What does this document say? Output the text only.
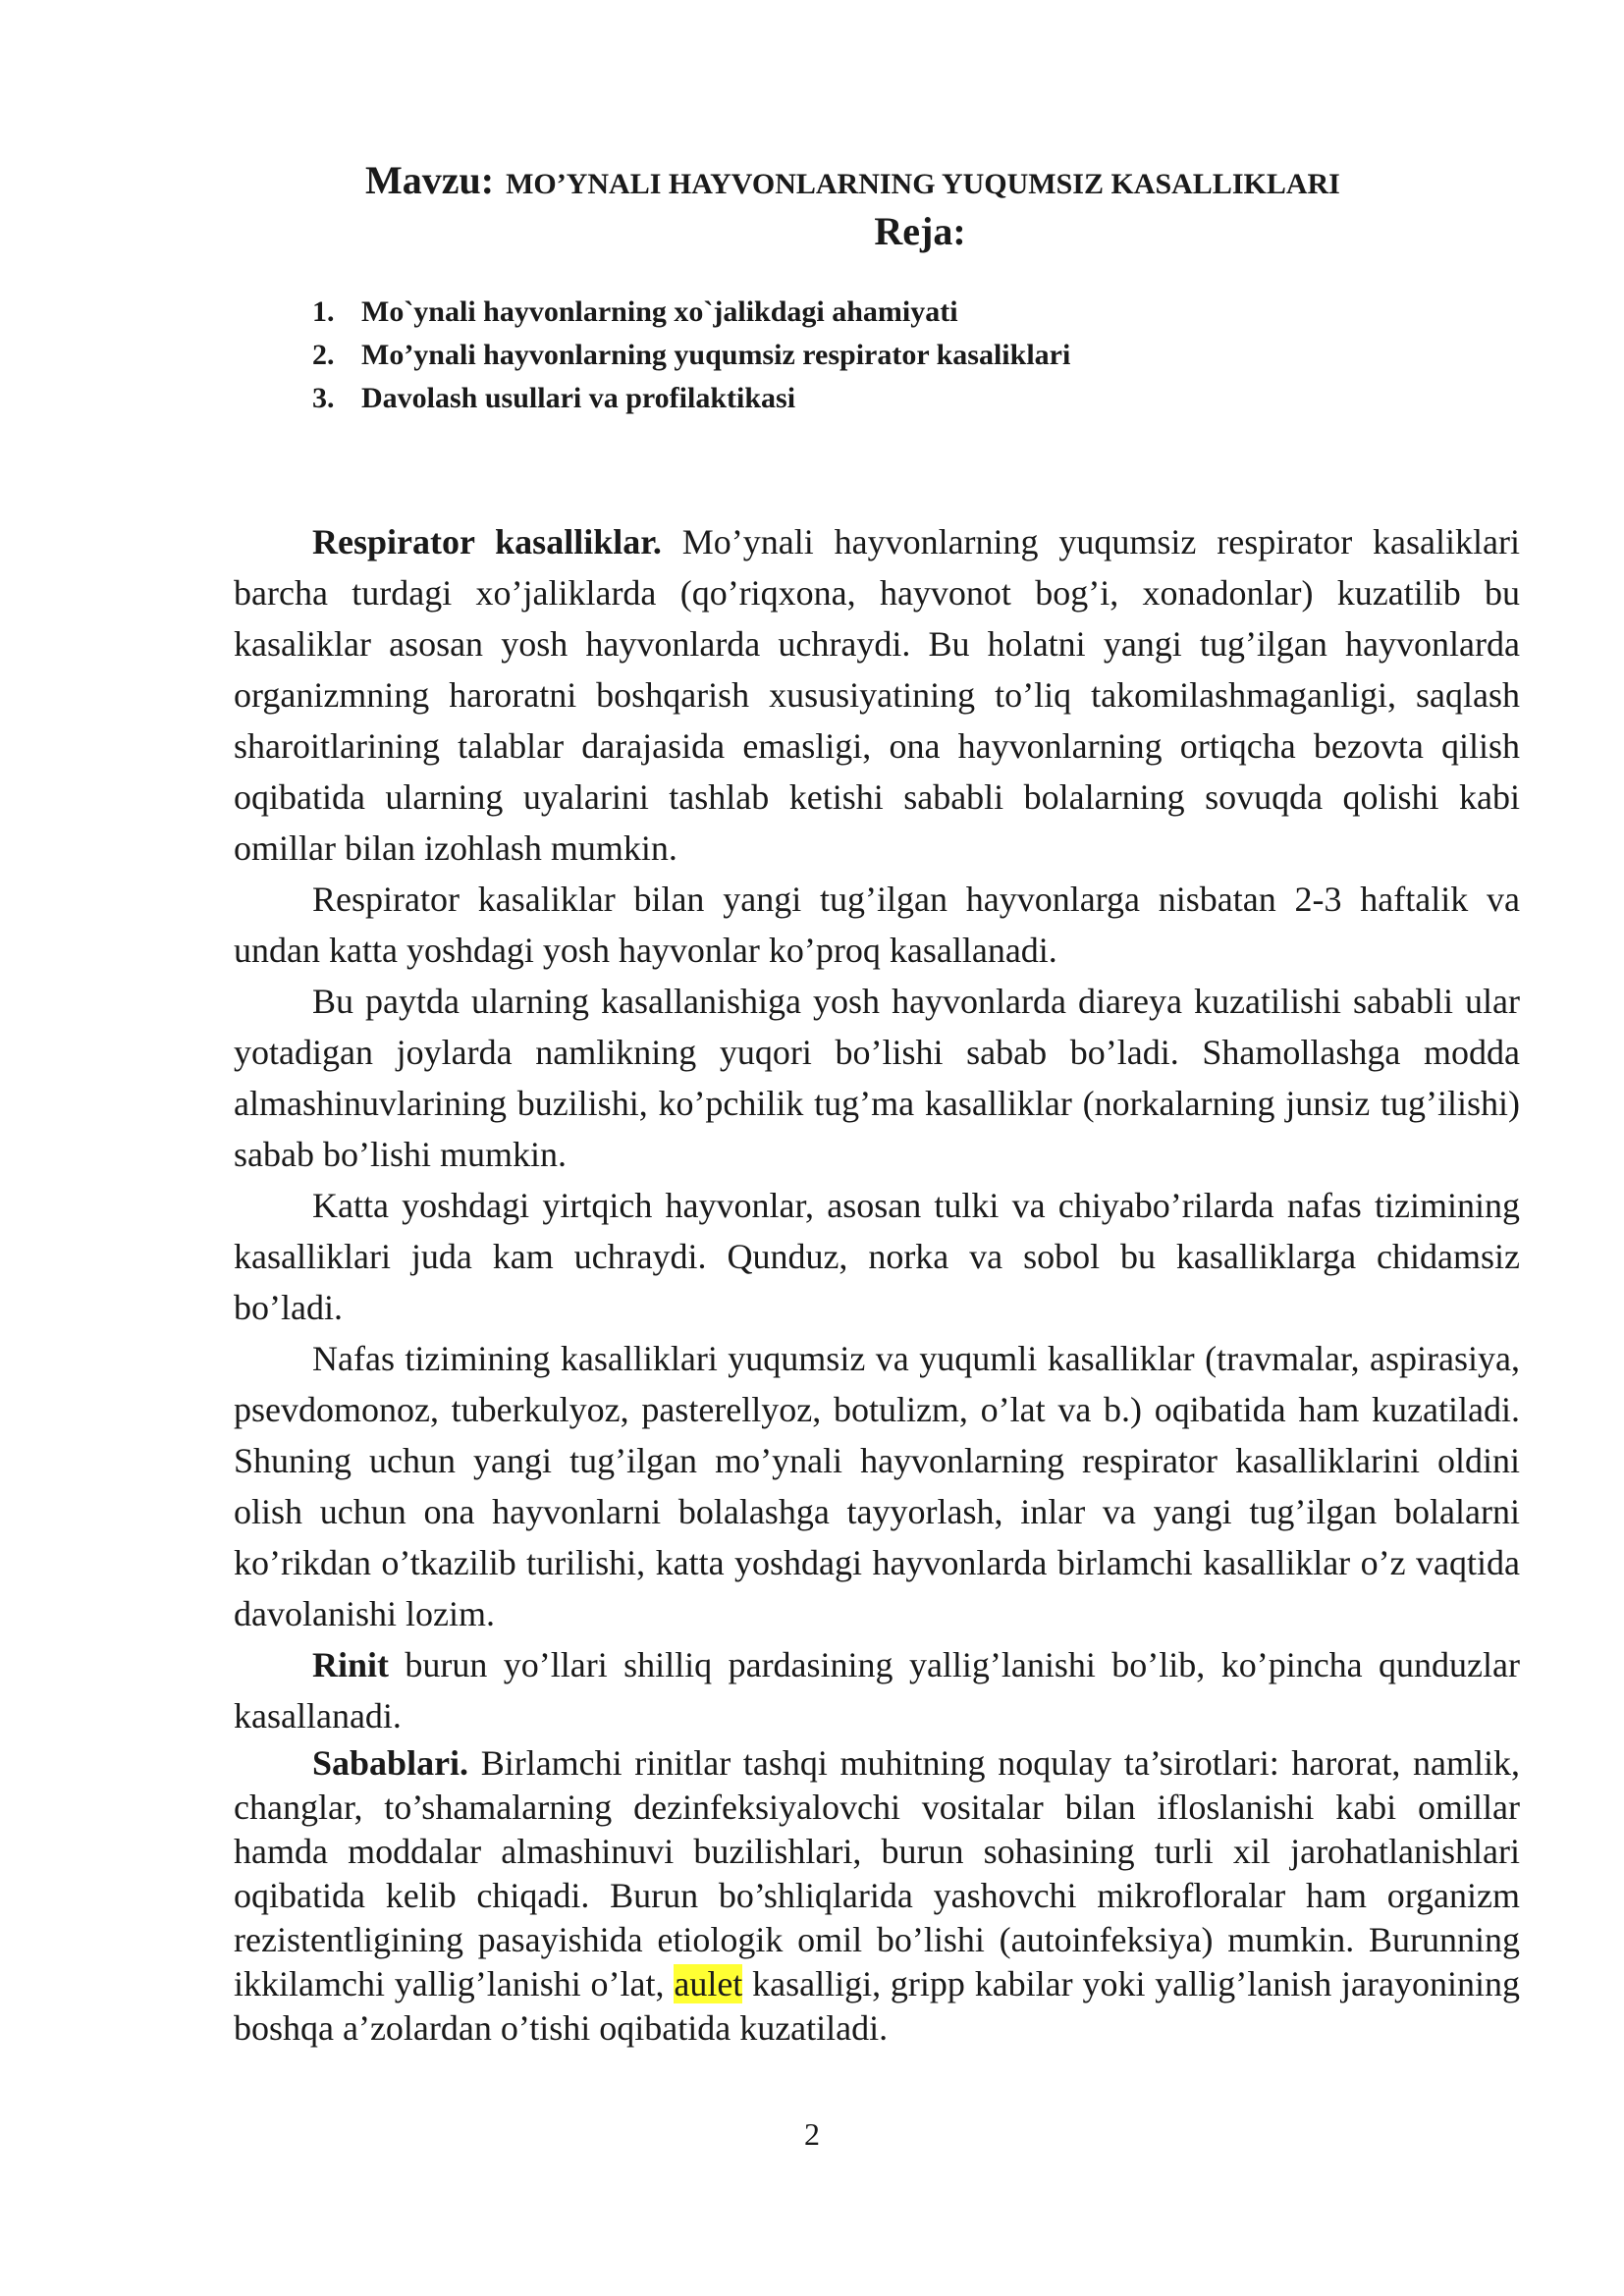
Mavzu: MO’YNALI HAYVONLARNING YUQUMSIZ KASALLIKLARI
Reja:
1. Mo`ynali hayvonlarning xo`jalikdagi ahamiyati
2. Mo’ynali hayvonlarning yuqumsiz respirator kasaliklari
3. Davolash usullari va profilaktikasi

Respirator kasalliklar. Mo’ynali hayvonlarning yuqumsiz respirator kasaliklari barcha turdagi xo’jaliklarda (qo’riqxona, hayvonot bog’i, xonadonlar) kuzatilib bu kasaliklar asosan yosh hayvonlarda uchraydi. Bu holatni yangi tug’ilgan hayvonlarda organizmning haroratni boshqarish xususiyatining to’liq takomilashmaganligi, saqlash sharoitlarining talablar darajasida emasligi, ona hayvonlarning ortiqcha bezovta qilish oqibatida ularning uyalarini tashlab ketishi sababli bolalarning sovuqda qolishi kabi omillar bilan izohlash mumkin.

Respirator kasaliklar bilan yangi tug’ilgan hayvonlarga nisbatan 2-3 haftalik va undan katta yoshdagi yosh hayvonlar ko’proq kasallanadi.

Bu paytda ularning kasallanishiga yosh hayvonlarda diareya kuzatilishi sababli ular yotadigan joylarda namlikning yuqori bo’lishi sabab bo’ladi. Shamollashga modda almashinuvlarining buzilishi, ko’pchilik tug’ma kasalliklar (norkalarning junsiz tug’ilishi) sabab bo’lishi mumkin.

Katta yoshdagi yirtqich hayvonlar, asosan tulki va chiyabo’rilarda nafas tizimining kasalliklari juda kam uchraydi. Qunduz, norka va sobol bu kasalliklarga chidamsiz bo’ladi.

Nafas tizimining kasalliklari yuqumsiz va yuqumli kasalliklar (travmalar, aspirasiya, psevdomonoz, tuberkulyoz, pasterellyoz, botulizm, o’lat va b.) oqibatida ham kuzatiladi. Shuning uchun yangi tug’ilgan mo’ynali hayvonlarning respirator kasalliklarini oldini olish uchun ona hayvonlarni bolalashga tayyorlash, inlar va yangi tug’ilgan bolalarni ko’rikdan o’tkazilib turilishi, katta yoshdagi hayvonlarda birlamchi kasalliklar o’z vaqtida davolanishi lozim.

Rinit burun yo’llari shilliq pardasining yallig’lanishi bo’lib, ko’pincha qunduzlar kasallanadi.

Sabablari. Birlamchi rinitlar tashqi muhitning noqulay ta’sirotlari: harorat, namlik, changlar, to’shamalarning dezinfeksiyalovchi vositalar bilan ifloslanishi kabi omillar hamda moddalar almashinuvi buzilishlari, burun sohasining turli xil jarohatlanishlari oqibatida kelib chiqadi. Burun bo’shliqlarida yashovchi mikrofloralar ham organizm rezistentligining pasayishida etiologik omil bo’lishi (autoinfeksiya) mumkin. Burunning ikkilamchi yallig’lanishi o’lat, aulet kasalligi, gripp kabilar yoki yallig’lanish jarayonining boshqa a’zolardan o’tishi oqibatida kuzatiladi.

2
